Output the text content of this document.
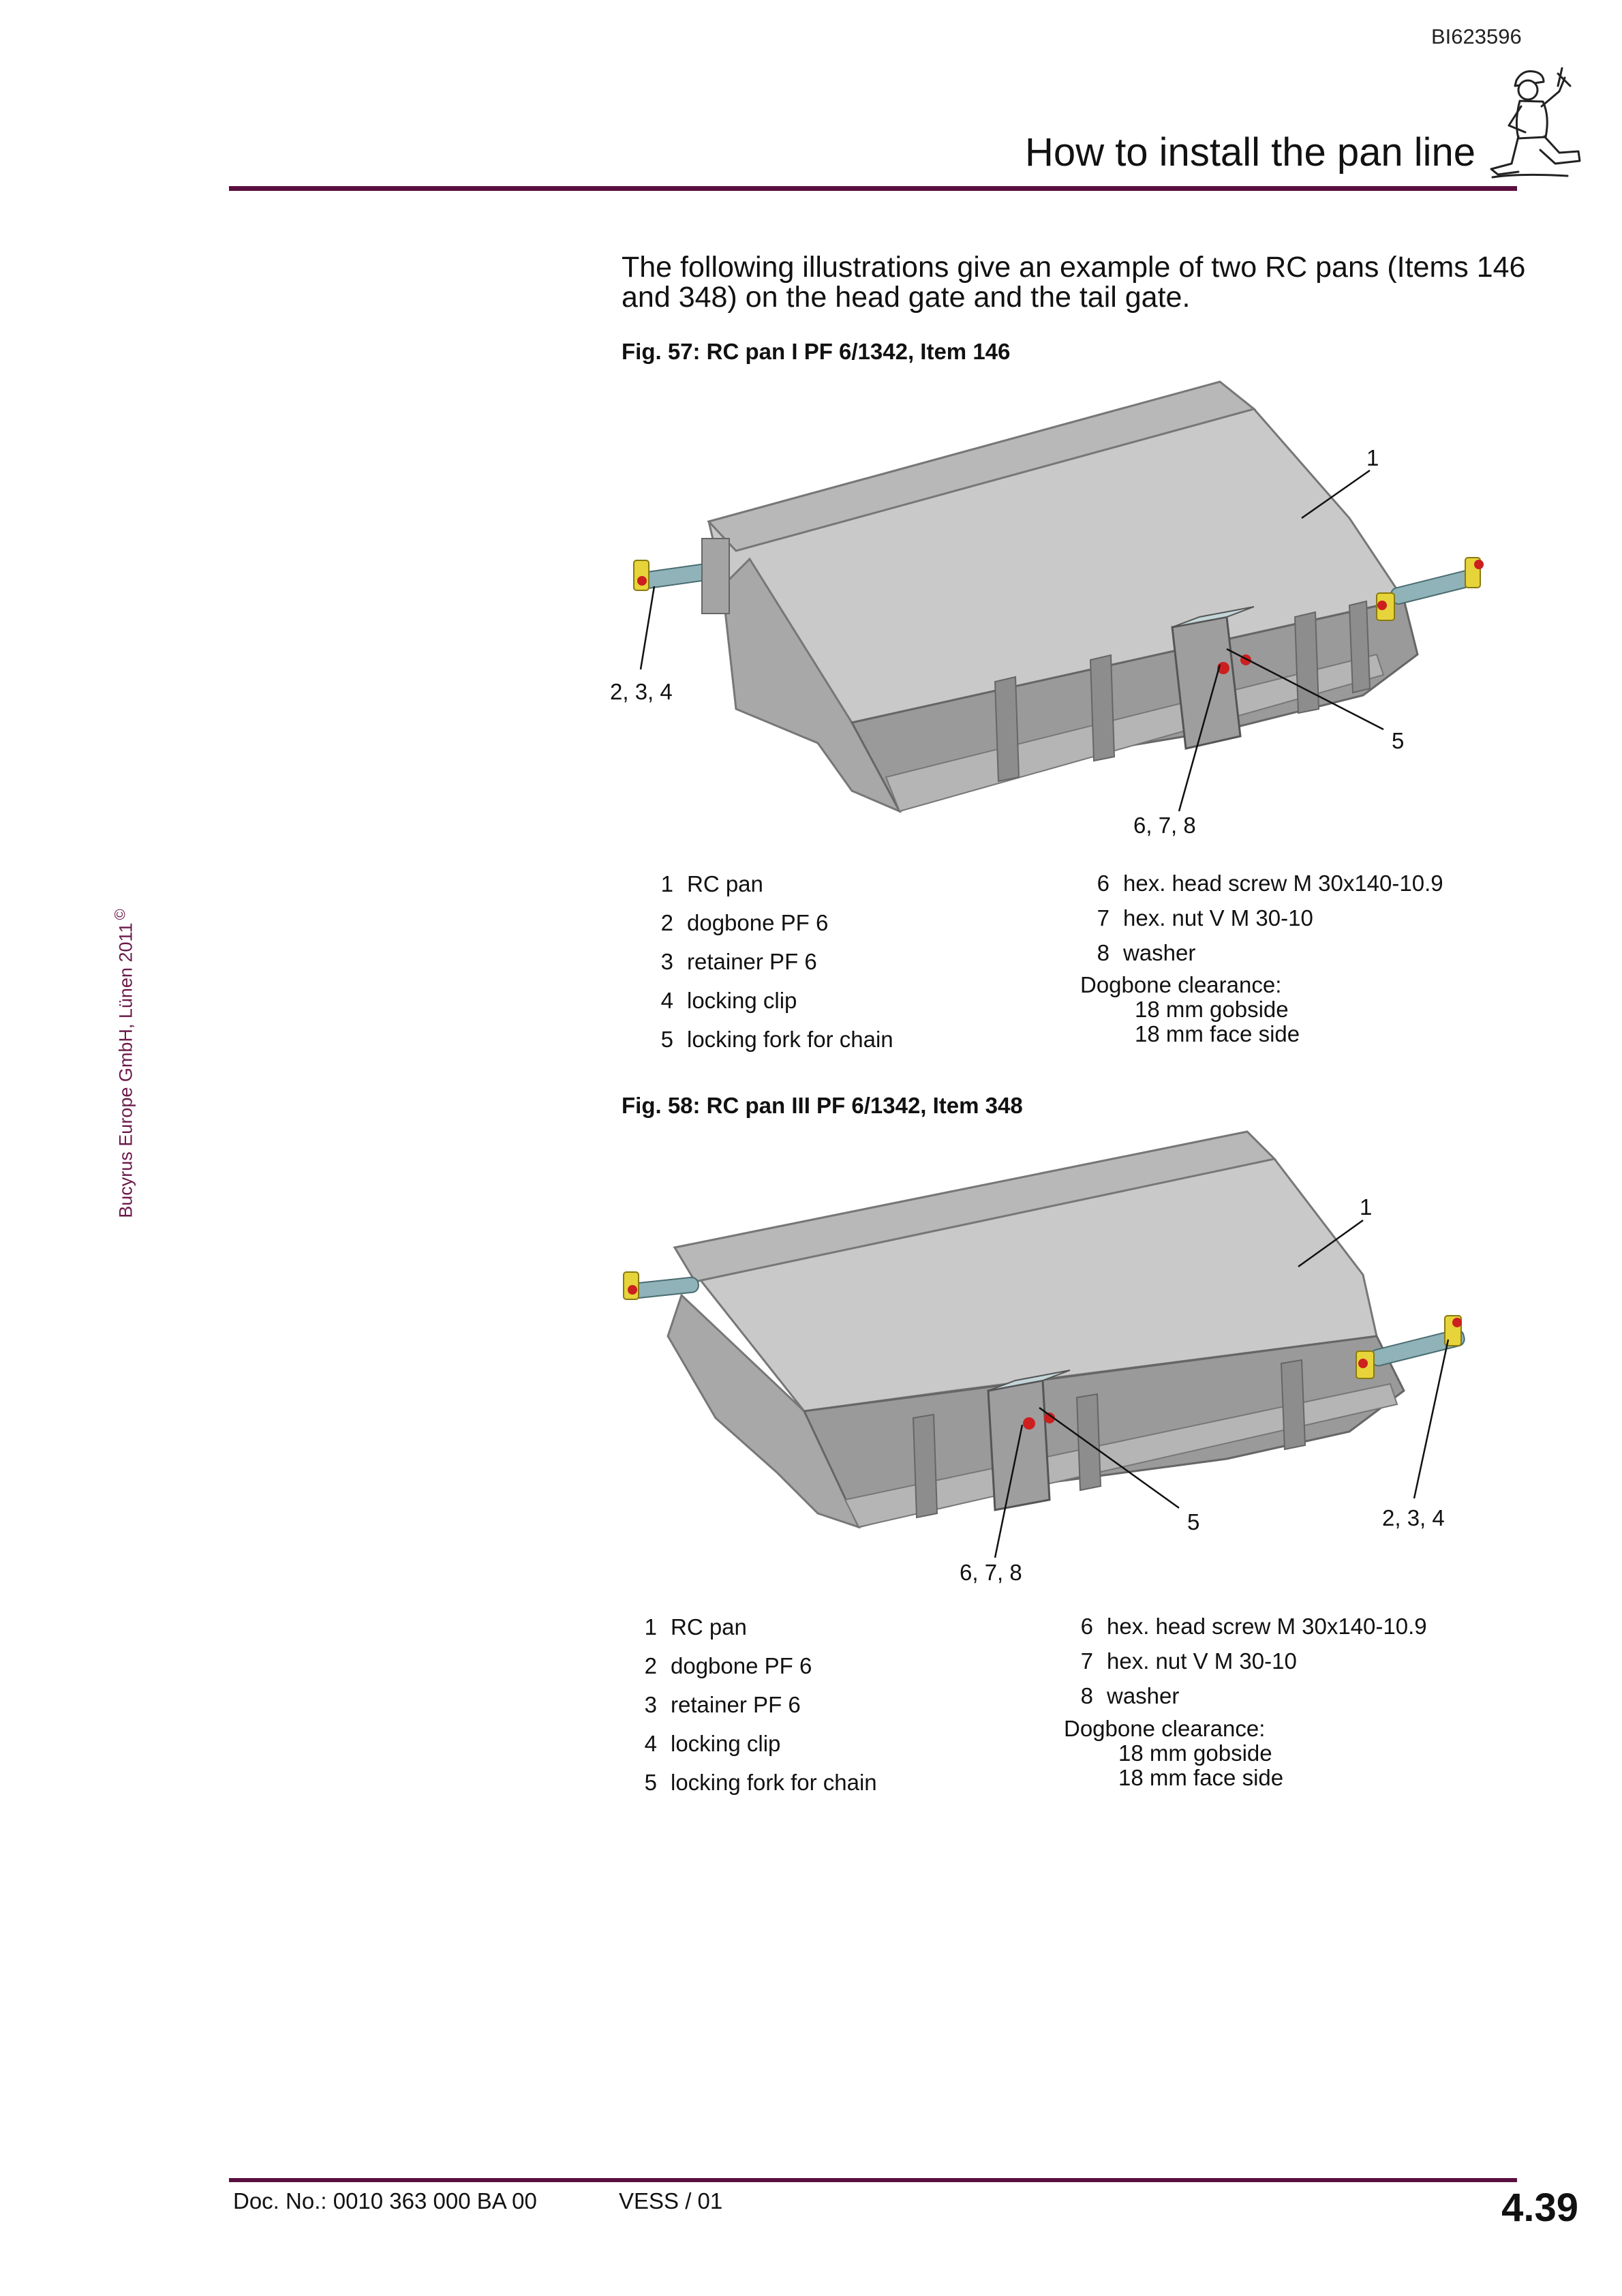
BI623596
How to install the pan line
Bucyrus Europe GmbH, Lünen 2011©
The following illustrations give an example of two RC pans (Items 146 and 348) on the head gate and the tail gate.
Fig. 57: RC pan I PF 6/1342, Item 146
1
2, 3, 4
5
6, 7, 8
1 RC pan
2 dogbone PF 6
3 retainer PF 6
4 locking clip
5 locking fork for chain
6 hex. head screw M 30x140-10.9
7 hex. nut V M 30-10
8 washer
Dogbone clearance:
18 mm gobside
18 mm face side
Fig. 58: RC pan III PF 6/1342, Item 348
1
5	2, 3, 4
6, 7, 8
1 RC pan
2 dogbone PF 6
3 retainer PF 6
4 locking clip
5 locking fork for chain
6 hex. head screw M 30x140-10.9
7 hex. nut V M 30-10
8 washer
Dogbone clearance:
18 mm gobside
18 mm face side
Doc. No.: 0010 363 000 BA 00	VESS / 01	4.39
